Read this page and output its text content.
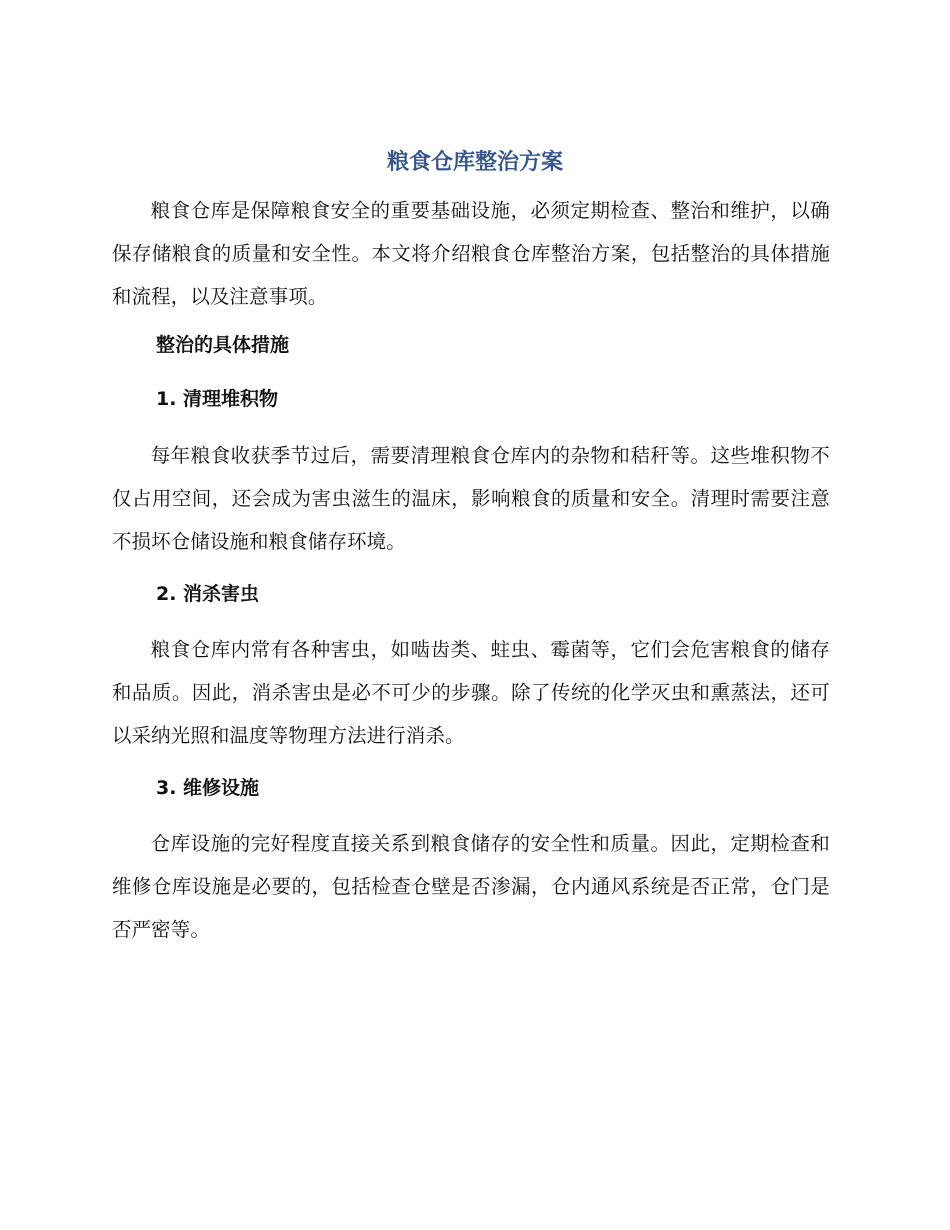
粮食仓库整治方案

粮食仓库是保障粮食安全的重要基础设施，必须定期检查、整治和维护，以确保存储粮食的质量和安全性。本文将介绍粮食仓库整治方案，包括整治的具体措施和流程，以及注意事项。

整治的具体措施
1. 清理堆积物

每年粮食收获季节过后，需要清理粮食仓库内的杂物和秸秆等。这些堆积物不仅占用空间，还会成为害虫滋生的温床，影响粮食的质量和安全。清理时需要注意不损坏仓储设施和粮食储存环境。

2. 消杀害虫

粮食仓库内常有各种害虫，如啮齿类、蛀虫、霉菌等，它们会危害粮食的储存和品质。因此，消杀害虫是必不可少的步骤。除了传统的化学灭虫和熏蒸法，还可以采纳光照和温度等物理方法进行消杀。

3. 维修设施

仓库设施的完好程度直接关系到粮食储存的安全性和质量。因此，定期检查和维修仓库设施是必要的，包括检查仓壁是否渗漏，仓内通风系统是否正常，仓门是否严密等。
